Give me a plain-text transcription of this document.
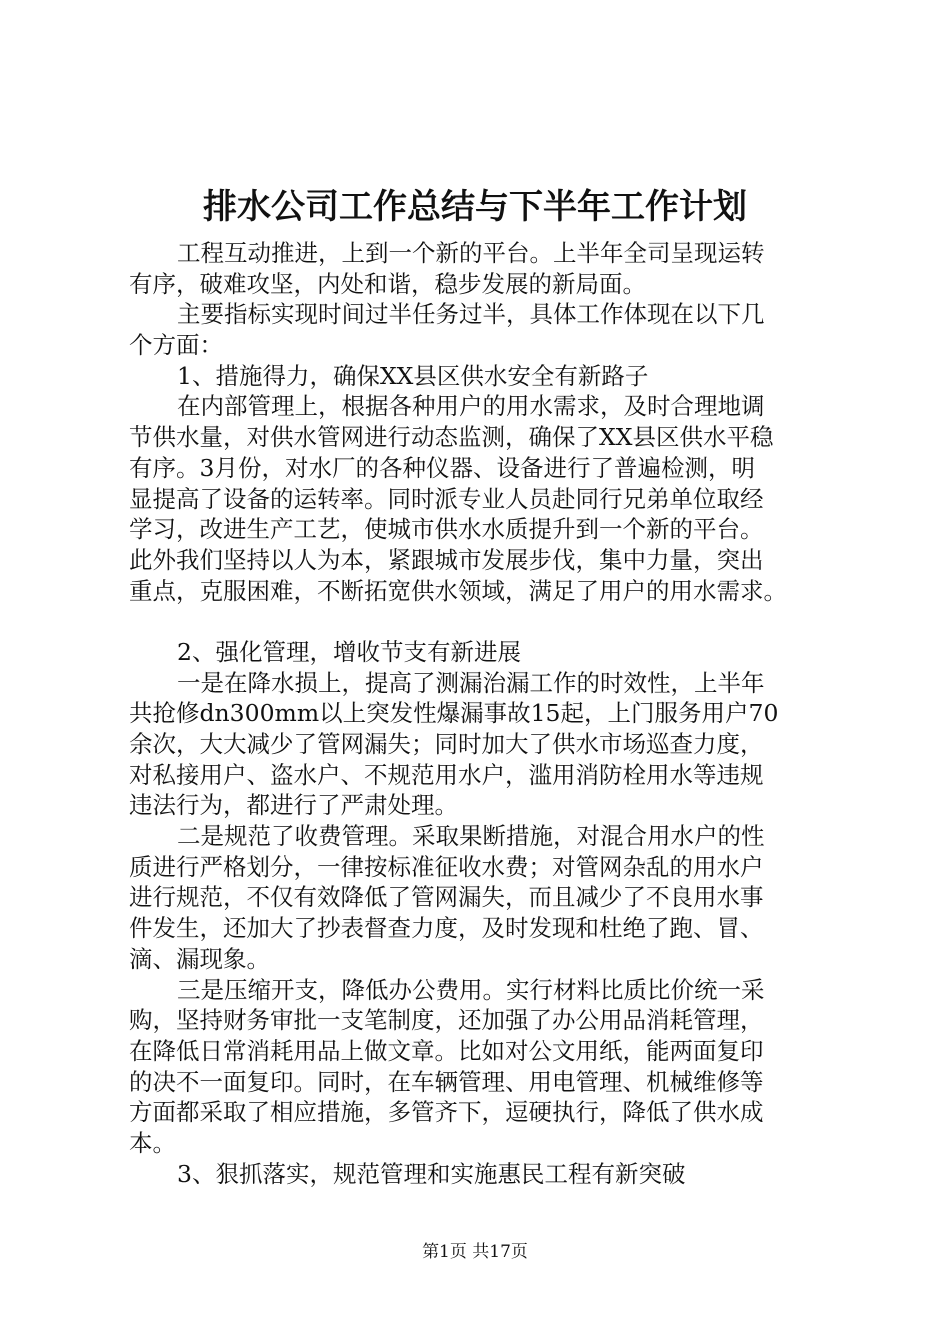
排水公司工作总结与下半年工作计划
工程互动推进，上到一个新的平台。上半年全司呈现运转
有序，破难攻坚，内处和谐，稳步发展的新局面。
主要指标实现时间过半任务过半，具体工作体现在以下几
个方面：
1、措施得力，确保XX县区供水安全有新路子
在内部管理上，根据各种用户的用水需求，及时合理地调
节供水量，对供水管网进行动态监测，确保了XX县区供水平稳
有序。3月份，对水厂的各种仪器、设备进行了普遍检测，明
显提高了设备的运转率。同时派专业人员赴同行兄弟单位取经
学习，改进生产工艺，使城市供水水质提升到一个新的平台。
此外我们坚持以人为本，紧跟城市发展步伐，集中力量，突出
重点，克服困难，不断拓宽供水领域，满足了用户的用水需求。
2、强化管理，增收节支有新进展
一是在降水损上，提高了测漏治漏工作的时效性，上半年
共抢修dn300mm以上突发性爆漏事故15起，上门服务用户70
余次，大大减少了管网漏失；同时加大了供水市场巡查力度，
对私接用户、盗水户、不规范用水户，滥用消防栓用水等违规
违法行为，都进行了严肃处理。
二是规范了收费管理。采取果断措施，对混合用水户的性
质进行严格划分，一律按标准征收水费；对管网杂乱的用水户
进行规范，不仅有效降低了管网漏失，而且减少了不良用水事
件发生，还加大了抄表督查力度，及时发现和杜绝了跑、冒、
滴、漏现象。
三是压缩开支，降低办公费用。实行材料比质比价统一采
购，坚持财务审批一支笔制度，还加强了办公用品消耗管理，
在降低日常消耗用品上做文章。比如对公文用纸，能两面复印
的决不一面复印。同时，在车辆管理、用电管理、机械维修等
方面都采取了相应措施，多管齐下，逗硬执行，降低了供水成
本。
3、狠抓落实，规范管理和实施惠民工程有新突破
第1页 共17页
